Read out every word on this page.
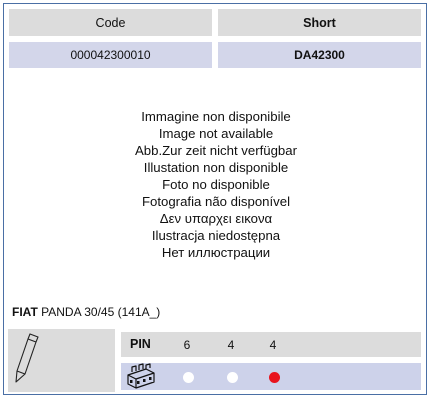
Code	Short
000042300010	DA42300
Immagine non disponibile
Image not available
Abb.Zur zeit nicht verfügbar
Illustation non disponible
Foto no disponible
Fotografia não disponível
Δεν υπαρχει εικονα
Ilustracja niedostępna
Нет иллюстрации
FIAT PANDA 30/45 (141A_)
PIN	6	4	4
